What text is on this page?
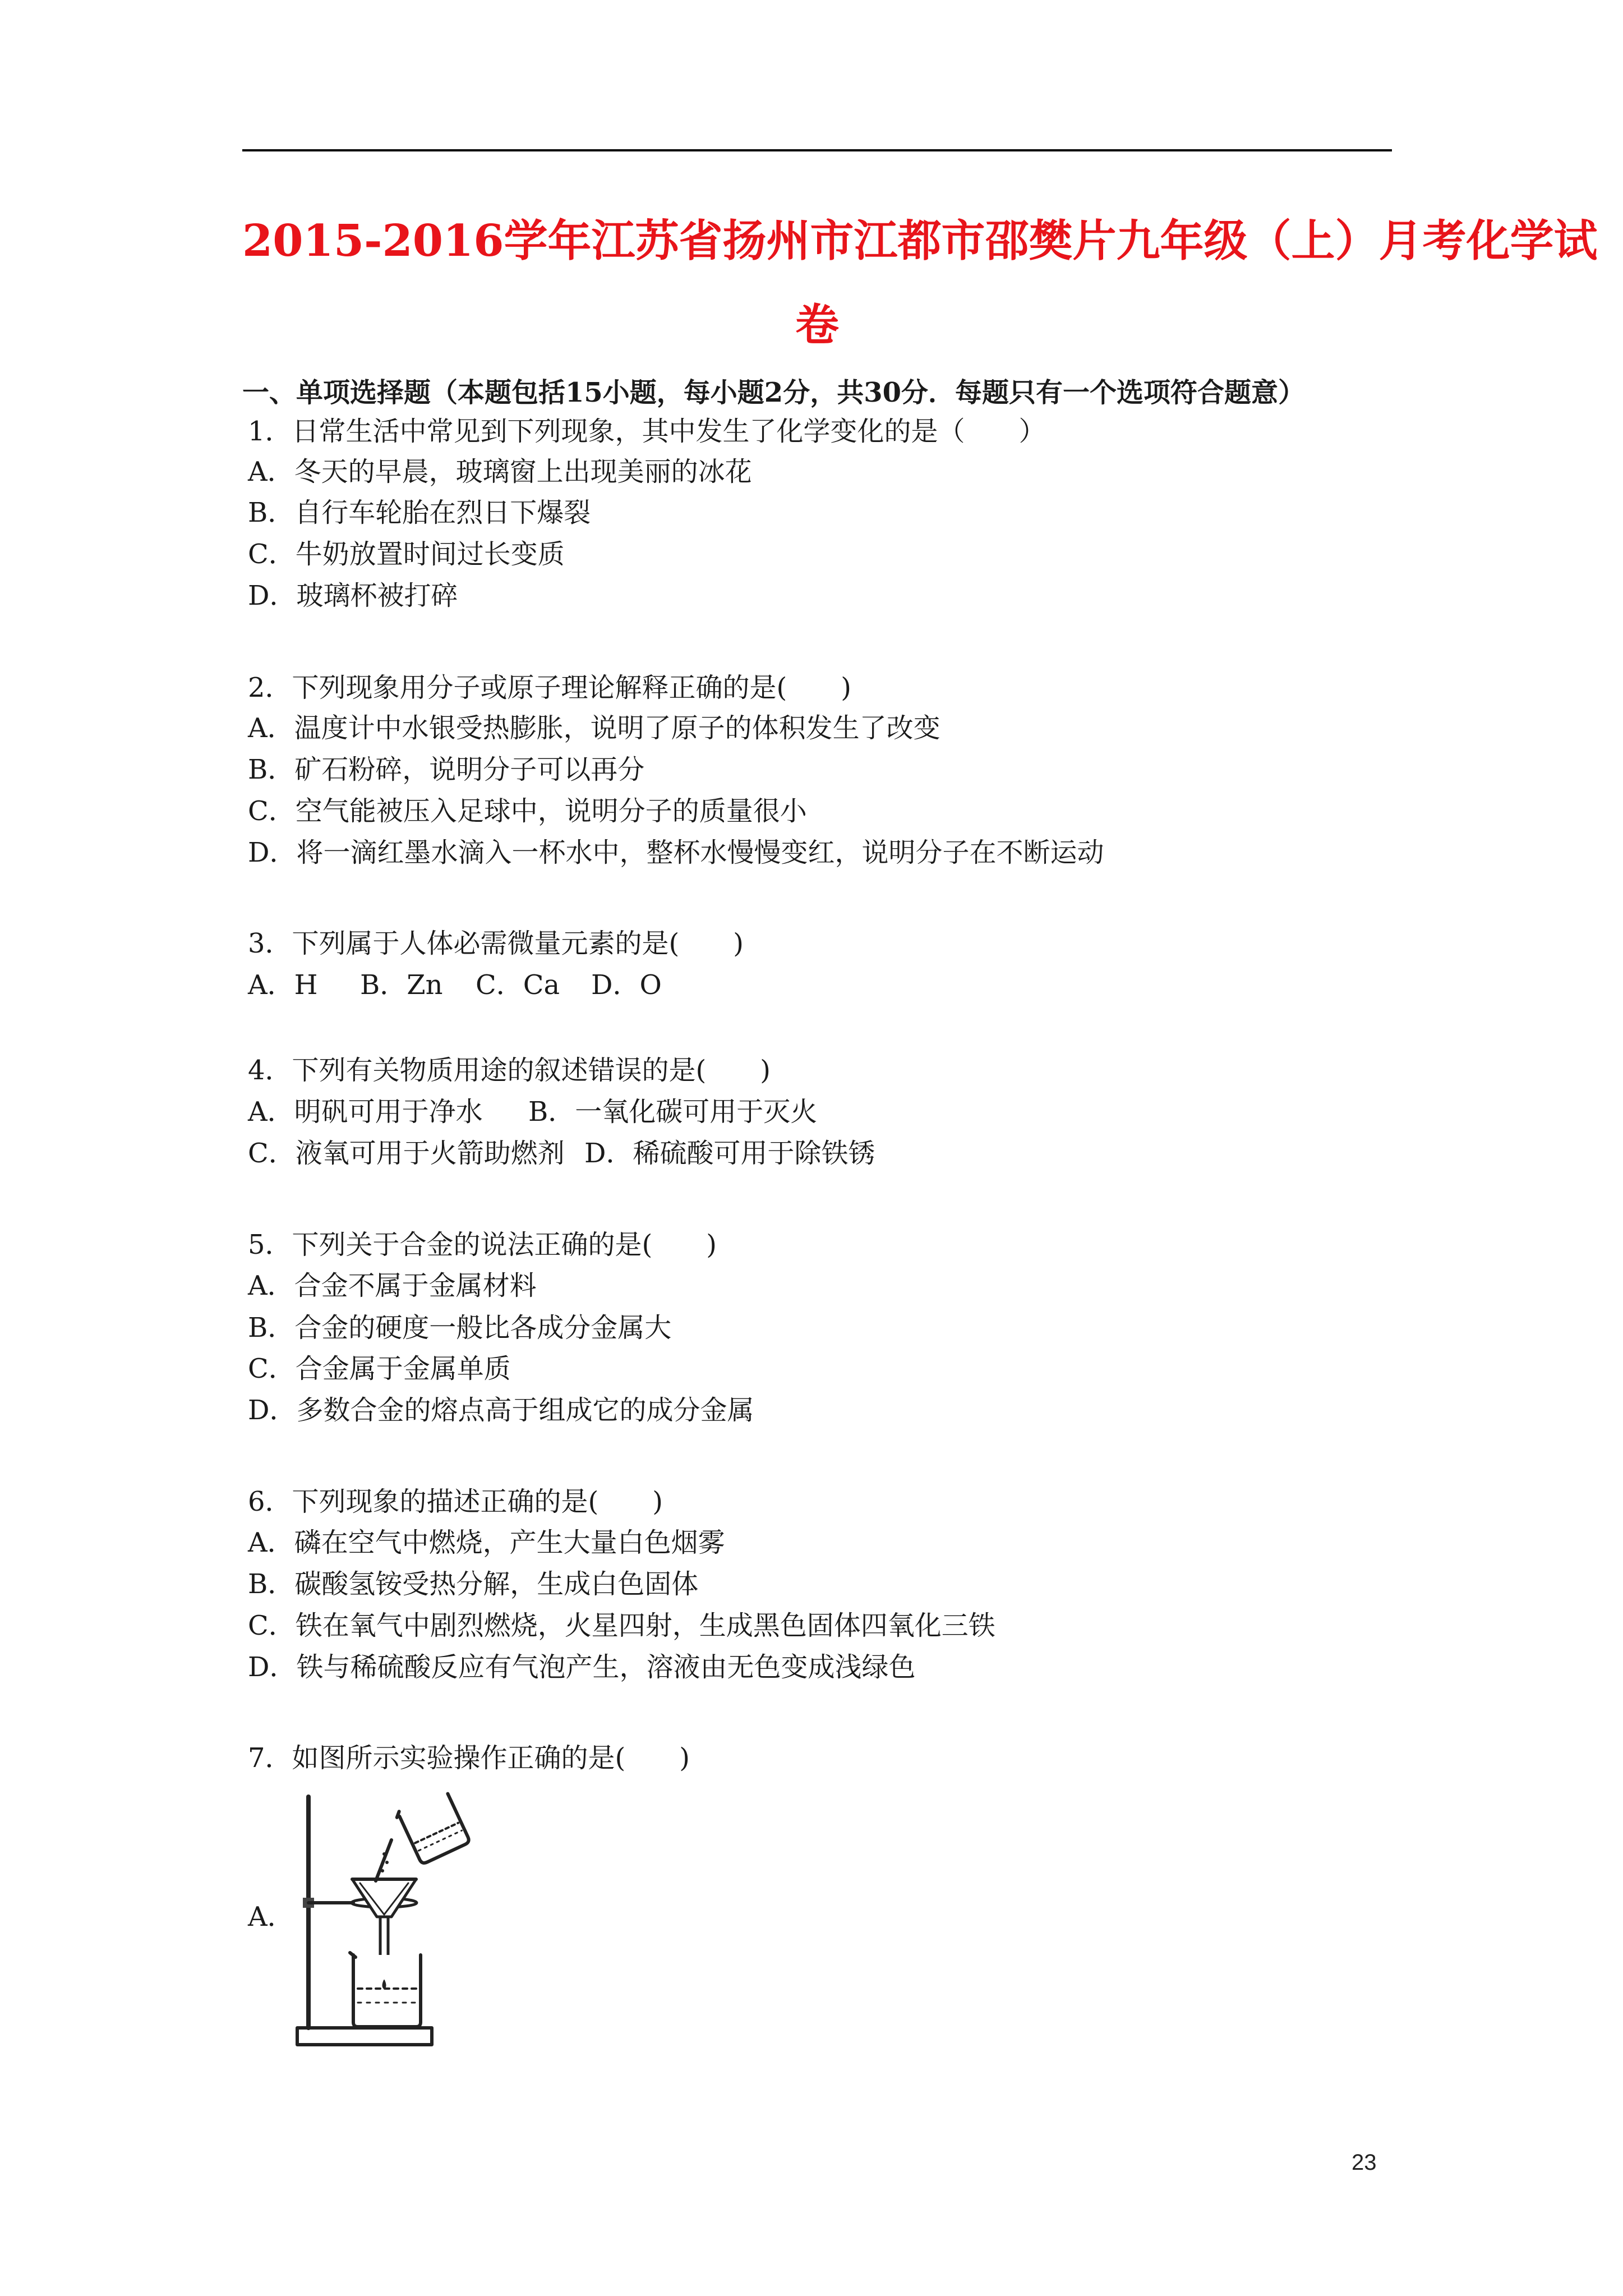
2015-2016学年江苏省扬州市江都市邵樊片九年级（上）月考化学试
卷
一、单项选择题（本题包括15小题，每小题2分，共30分．每题只有一个选项符合题意）
1．日常生活中常见到下列现象，其中发生了化学变化的是（　　）
A．冬天的早晨，玻璃窗上出现美丽的冰花
B．自行车轮胎在烈日下爆裂
C．牛奶放置时间过长变质
D．玻璃杯被打碎
2．下列现象用分子或原子理论解释正确的是(　　)
A．温度计中水银受热膨胀，说明了原子的体积发生了改变
B．矿石粉碎，说明分子可以再分
C．空气能被压入足球中，说明分子的质量很小
D．将一滴红墨水滴入一杯水中，整杯水慢慢变红，说明分子在不断运动
3．下列属于人体必需微量元素的是(　　)
A．H B．Zn C．Ca D．O
4．下列有关物质用途的叙述错误的是(　　)
A．明矾可用于净水 B．一氧化碳可用于灭火
C．液氧可用于火箭助燃剂 D．稀硫酸可用于除铁锈
5．下列关于合金的说法正确的是(　　)
A．合金不属于金属材料
B．合金的硬度一般比各成分金属大
C．合金属于金属单质
D．多数合金的熔点高于组成它的成分金属
6．下列现象的描述正确的是(　　)
A．磷在空气中燃烧，产生大量白色烟雾
B．碳酸氢铵受热分解，生成白色固体
C．铁在氧气中剧烈燃烧，火星四射，生成黑色固体四氧化三铁
D．铁与稀硫酸反应有气泡产生，溶液由无色变成浅绿色
7．如图所示实验操作正确的是(　　)
A．
23
